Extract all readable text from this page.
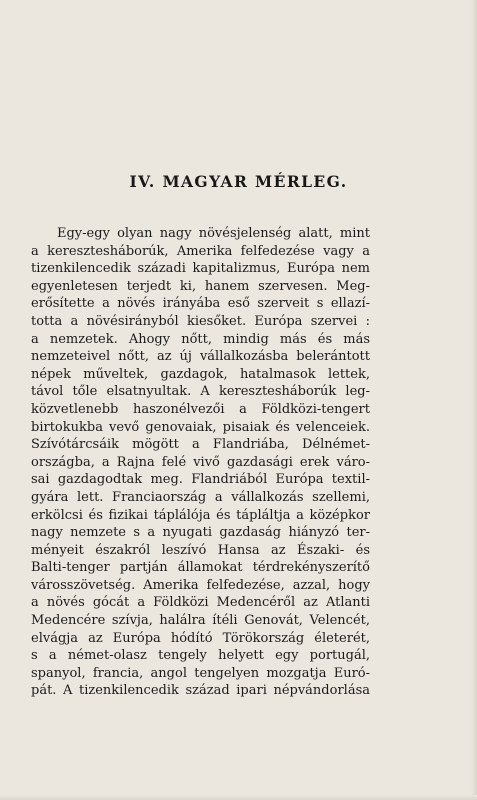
IV. MAGYAR MÉRLEG.
Egy-egy olyan nagy növésjelenség alatt, mint
a keresztesháborúk, Amerika felfedezése vagy a
tizenkilencedik századi kapitalizmus, Európa nem
egyenletesen terjedt ki, hanem szervesen. Meg-
erősítette a növés irányába eső szerveit s ellazí-
totta a növésirányból kiesőket. Európa szervei :
a nemzetek. Ahogy nőtt, mindig más és más
nemzeteivel nőtt, az új vállalkozásba belerántott
népek műveltek, gazdagok, hatalmasok lettek,
távol tőle elsatnyultak. A keresztesháborúk leg-
közvetlenebb haszonélvezői a Földközi-tengert
birtokukba vevő genovaiak, pisaiak és velenceiek.
Szívótárcsáik mögött a Flandriába, Délnémet-
országba, a Rajna felé vivő gazdasági erek váro-
sai gazdagodtak meg. Flandriából Európa textil-
gyára lett. Franciaország a vállalkozás szellemi,
erkölcsi és fizikai táplálója és tápláltja a középkor
nagy nemzete s a nyugati gazdaság hiányzó ter-
ményeit északról leszívó Hansa az Északi- és
Balti-tenger partján államokat térdrekényszerítő
városszövetség. Amerika felfedezése, azzal, hogy
a növés gócát a Földközi Medencéről az Atlanti
Medencére szívja, halálra ítéli Genovát, Velencét,
elvágja az Európa hódító Törökország életerét,
s a német-olasz tengely helyett egy portugál,
spanyol, francia, angol tengelyen mozgatja Euró-
pát. A tizenkilencedik század ipari népvándorlása
